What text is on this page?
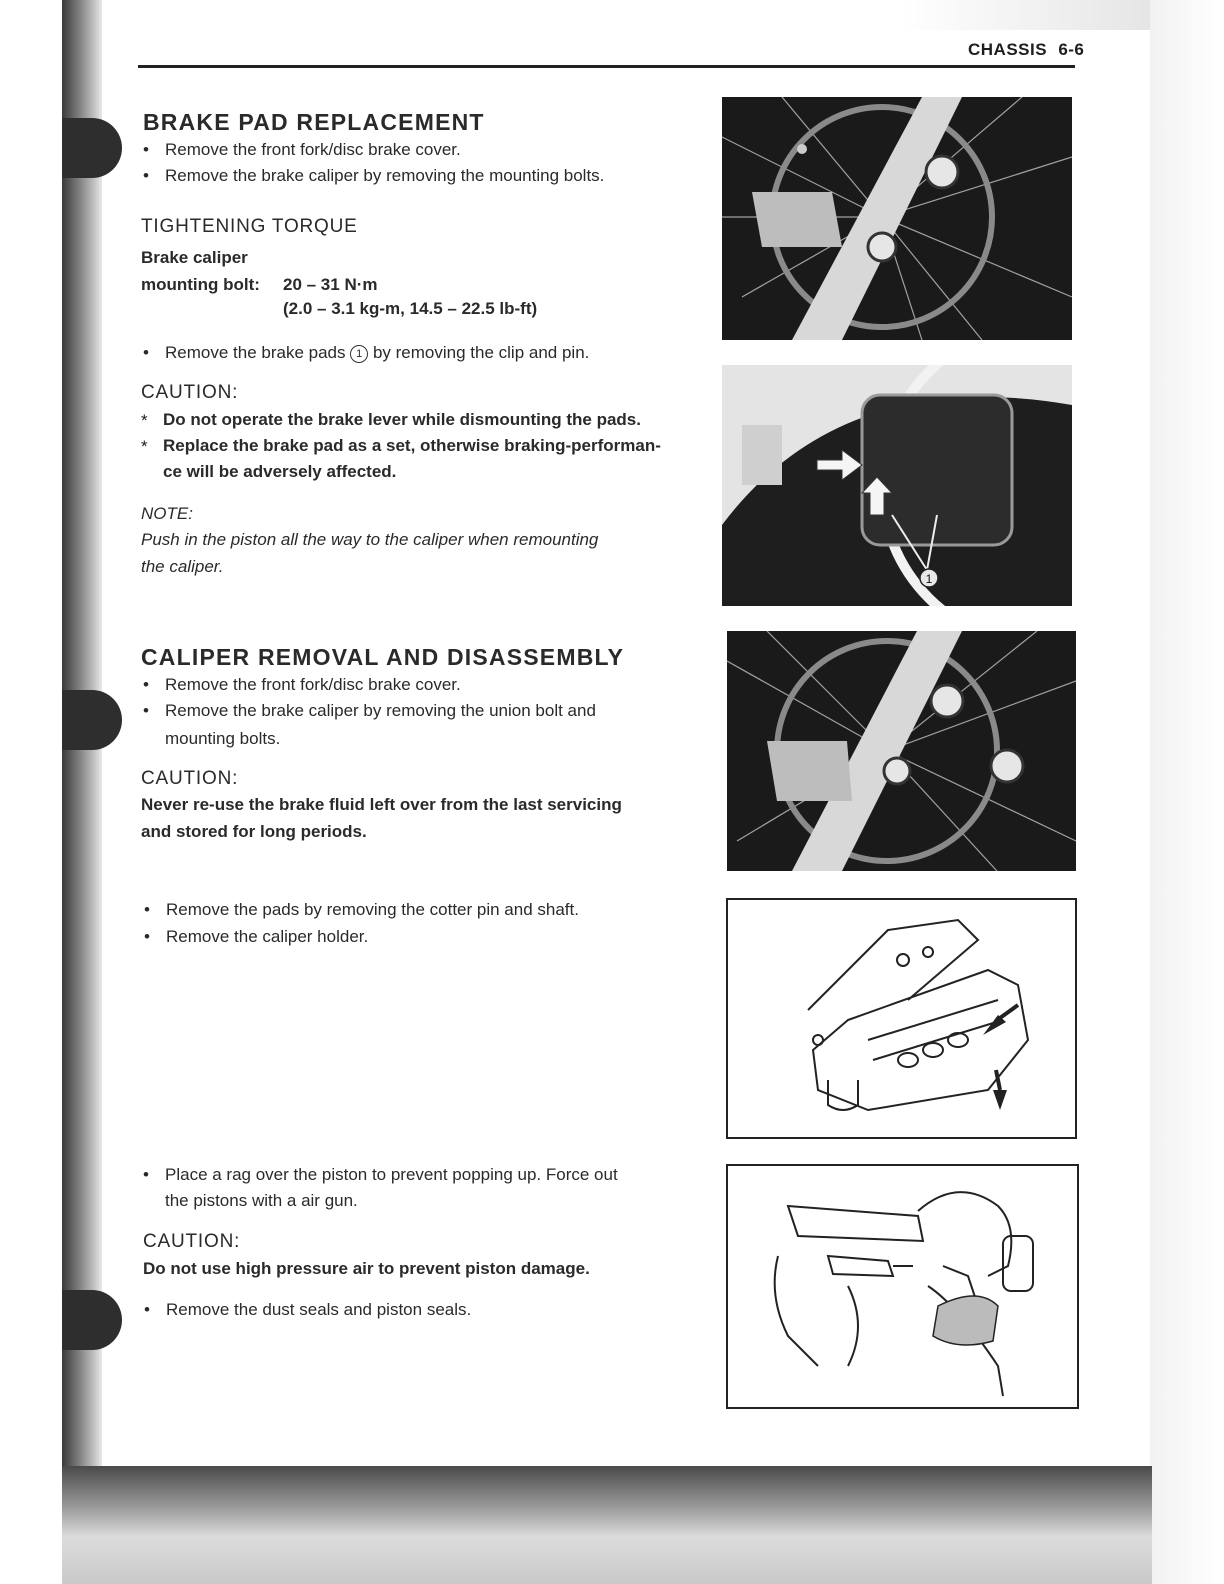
CHASSIS 6-6
BRAKE PAD REPLACEMENT
• Remove the front fork/disc brake cover.
• Remove the brake caliper by removing the mounting bolts.
TIGHTENING TORQUE
Brake caliper
mounting bolt: 20 – 31 N·m
(2.0 – 3.1 kg-m, 14.5 – 22.5 lb-ft)
• Remove the brake pads 1 by removing the clip and pin.
CAUTION:
* Do not operate the brake lever while dismounting the pads.
* Replace the brake pad as a set, otherwise braking-performan-
ce will be adversely affected.
NOTE:
Push in the piston all the way to the caliper when remounting
the caliper.
CALIPER REMOVAL AND DISASSEMBLY
• Remove the front fork/disc brake cover.
• Remove the brake caliper by removing the union bolt and
mounting bolts.
CAUTION:
Never re-use the brake fluid left over from the last servicing
and stored for long periods.
• Remove the pads by removing the cotter pin and shaft.
• Remove the caliper holder.
• Place a rag over the piston to prevent popping up. Force out
the pistons with a air gun.
CAUTION:
Do not use high pressure air to prevent piston damage.
• Remove the dust seals and piston seals.
1
